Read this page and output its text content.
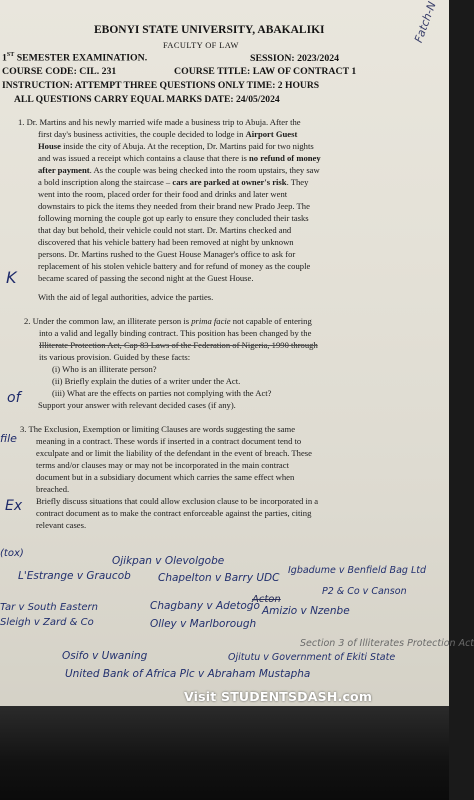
EBONYI STATE UNIVERSITY, ABAKALIKI
FACULTY OF LAW
1ST SEMESTER EXAMINATION.	SESSION: 2023/2024
COURSE CODE: CIL. 231	COURSE TITLE: LAW OF CONTRACT 1
INSTRUCTION: ATTEMPT THREE QUESTIONS ONLY TIME: 2 HOURS
ALL QUESTIONS CARRY EQUAL MARKS DATE: 24/05/2024
1. Dr. Martins and his newly married wife made a business trip to Abuja. After the
first day's business activities, the couple decided to lodge in Airport Guest
House inside the city of Abuja. At the reception, Dr. Martins paid for two nights
and was issued a receipt which contains a clause that there is no refund of money
after payment. As the couple was being checked into the room upstairs, they saw
a bold inscription along the staircase – cars are parked at owner's risk. They
went into the room, placed order for their food and drinks and later went
downstairs to pick the items they needed from their brand new Prado Jeep. The
following morning the couple got up early to ensure they concluded their tasks
that day but behold, their vehicle could not start. Dr. Martins checked and
discovered that his vehicle battery had been removed at night by unknown
persons. Dr. Martins rushed to the Guest House Manager's office to ask for
replacement of his stolen vehicle battery and for refund of money as the couple
became scared of passing the second night at the Guest House.
With the aid of legal authorities, advice the parties.
2. Under the common law, an illiterate person is prima facie not capable of entering
into a valid and legally binding contract. This position has been changed by the
Illiterate Protection Act, Cap 83 Laws of the Federation of Nigeria, 1990 through
its various provision. Guided by these facts:
(i) Who is an illiterate person?
(ii) Briefly explain the duties of a writer under the Act.
(iii) What are the effects on parties not complying with the Act?
Support your answer with relevant decided cases (if any).
3. The Exclusion, Exemption or limiting Clauses are words suggesting the same
meaning in a contract. These words if inserted in a contract document tend to
exculpate and or limit the liability of the defendant in the event of breach. These
terms and/or clauses may or may not be incorporated in the main contract
document but in a subsidiary document which carries the same effect when
breached.
Briefly discuss situations that could allow exclusion clause to be incorporated in a
contract document as to make the contract enforceable against the parties, citing
relevant cases.
Fatch-N
K
of
file
Ex
(tox)
Ojikpan v Olevolgobe
L'Estrange v Graucob	Chapelton v Barry UDC
Igbadume v Benfield Bag Ltd
P2 & Co v Canson
Acton
Olley v Marlborough
Chagbany v Adetogo Amizio v Nzenbe
Tar v South Eastern
Sleigh v Zard & Co
Osifo v Uwaning	Ojitutu v Government of Ekiti State
Section 3 of Illiterates Protection Act
United Bank of Africa Plc v Abraham Mustapha
Visit STUDENTSDASH.com
